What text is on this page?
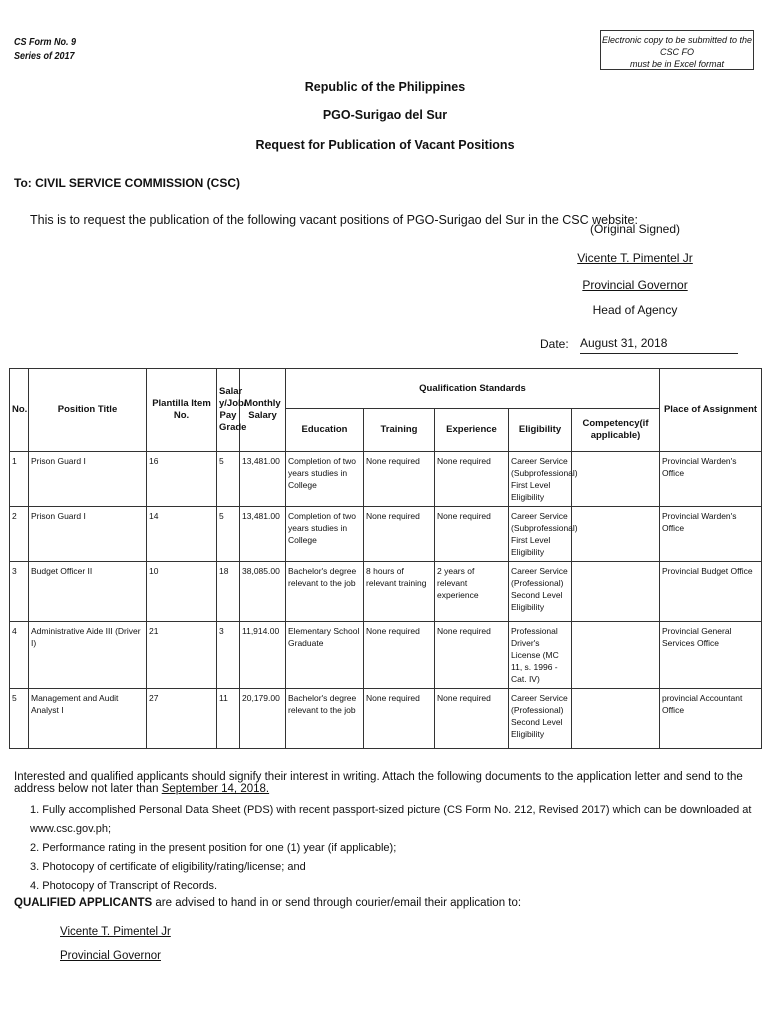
CS Form No. 9
Series of 2017
Electronic copy to be submitted to the CSC FO
must be in Excel format
Republic of the Philippines
PGO-Surigao del Sur
Request for Publication of Vacant Positions
To: CIVIL SERVICE COMMISSION (CSC)
This is to request the publication of the following vacant positions of PGO-Surigao del Sur in the CSC website:
(Original Signed)
Vicente T. Pimentel Jr
Provincial Governor
Head of Agency
Date: August 31, 2018
No.	Position Title	Plantilla Item No.	Salar y/Job/ Pay Grade	Monthly Salary	Qualification Standards					Place of Assignment
					Education	Training	Experience	Eligibility	Competency(if applicable)	
1	Prison Guard I	16	5	13,481.00	Completion of two years studies in College	None required	None required	Career Service (Subprofessional) First Level Eligibility		Provincial Warden's Office
2	Prison Guard I	14	5	13,481.00	Completion of two years studies in College	None required	None required	Career Service (Subprofessional) First Level Eligibility		Provincial Warden's Office
3	Budget Officer II	10	18	38,085.00	Bachelor's degree relevant to the job	8 hours of relevant training	2 years of relevant experience	Career Service (Professional) Second Level Eligibility		Provincial Budget Office
4	Administrative Aide III (Driver I)	21	3	11,914.00	Elementary School Graduate	None required	None required	Professional Driver's License (MC 11, s. 1996 - Cat. IV)		Provincial General Services Office
5	Management and Audit Analyst I	27	11	20,179.00	Bachelor's degree relevant to the job	None required	None required	Career Service (Professional) Second Level Eligibility		provincial Accountant Office
Interested and qualified applicants should signify their interest in writing. Attach the following documents to the application letter and send to the address below not later than September 14, 2018.
1. Fully accomplished Personal Data Sheet (PDS) with recent passport-sized picture (CS Form No. 212, Revised 2017) which can be downloaded at www.csc.gov.ph;
2. Performance rating in the present position for one (1) year (if applicable);
3. Photocopy of certificate of eligibility/rating/license; and
4. Photocopy of Transcript of Records.
QUALIFIED APPLICANTS are advised to hand in or send through courier/email their application to:
Vicente T. Pimentel Jr
Provincial Governor
